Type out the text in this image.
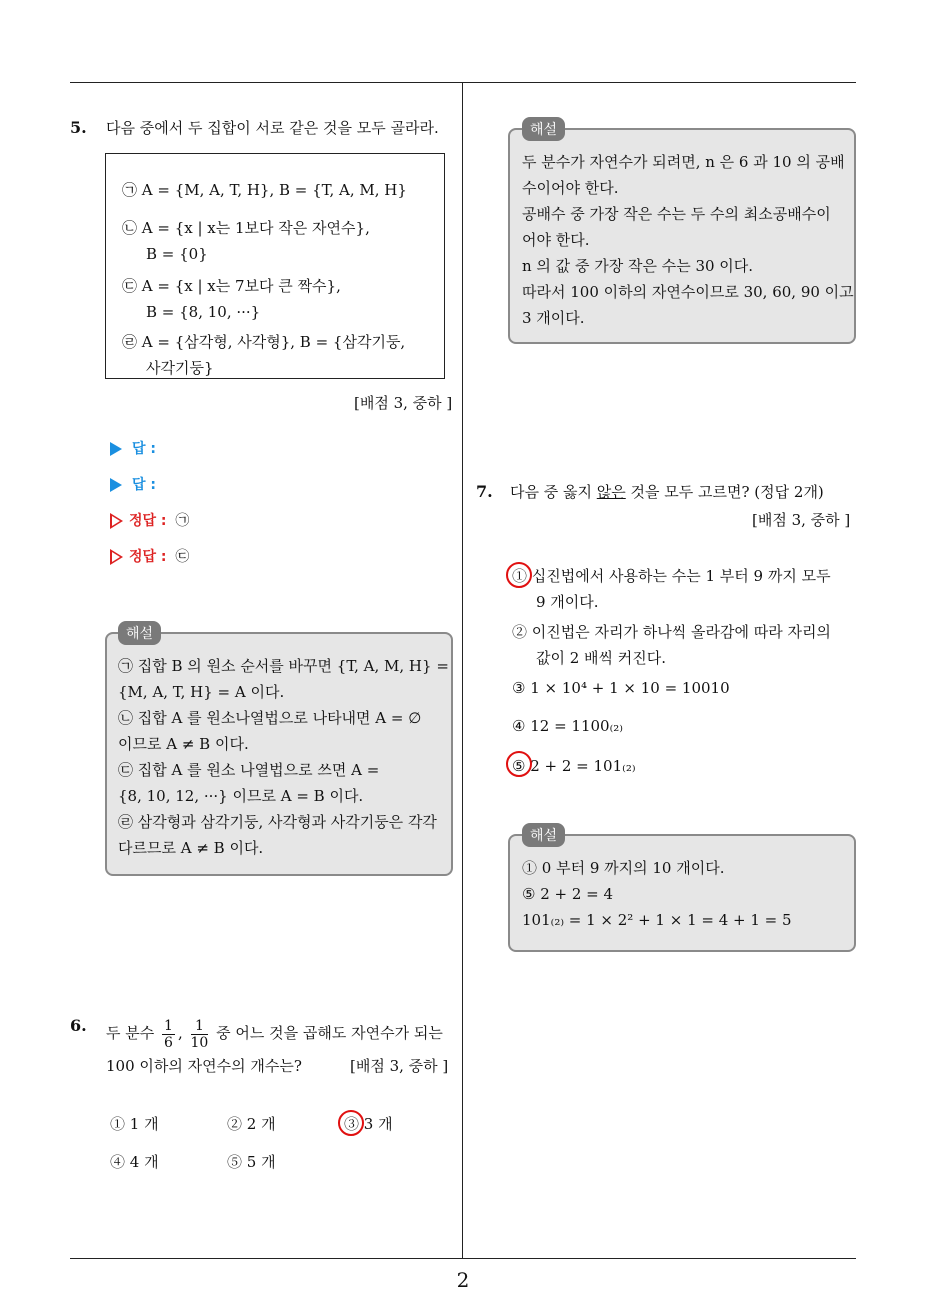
5. 다음 중에서 두 집합이 서로 같은 것을 모두 골라라.
㉠ A = {M, A, T, H}, B = {T, A, M, H}
㉡ A = {x | x는 1보다 작은 자연수},
B = {0}
㉢ A = {x | x는 7보다 큰 짝수},
B = {8, 10, ···}
㉣ A = {삼각형, 사각형}, B = {삼각기둥,
사각기둥}
[배점 3, 중하 ]
답 :
답 :
정답 : ㉠
정답 : ㉢
해설
㉠ 집합 B 의 원소 순서를 바꾸면 {T, A, M, H} =
{M, A, T, H} = A 이다.
㉡ 집합 A 를 원소나열법으로 나타내면 A = ∅
이므로 A ≠ B 이다.
㉢ 집합 A 를 원소 나열법으로 쓰면 A =
{8, 10, 12, ···} 이므로 A = B 이다.
㉣ 삼각형과 삼각기둥, 사각형과 사각기둥은 각각
다르므로 A ≠ B 이다.
6. 두 분수 $\frac{1}{6}$ , $\frac{1}{10}$ 중 어느 것을 곱해도 자연수가 되는
100 이하의 자연수의 개수는?	[배점 3, 중하 ]
① 1 개	② 2 개	③ 3 개
④ 4 개	⑤ 5 개
해설
두 분수가 자연수가 되려면, n 은 6 과 10 의 공배
수이어야 한다.
공배수 중 가장 작은 수는 두 수의 최소공배수이
어야 한다.
n 의 값 중 가장 작은 수는 30 이다.
따라서 100 이하의 자연수이므로 30, 60, 90 이고
3 개이다.
7. 다음 중 옳지 않은 것을 모두 고르면? (정답 2개)
[배점 3, 중하 ]
① 십진법에서 사용하는 수는 1 부터 9 까지 모두
9 개이다.
② 이진법은 자리가 하나씩 올라감에 따라 자리의
값이 2 배씩 커진다.
③ 1 × 10⁴ + 1 × 10 = 10010
④ 12 = 1100₍₂₎
⑤ 2 + 2 = 101₍₂₎
해설
① 0 부터 9 까지의 10 개이다.
⑤ 2 + 2 = 4
101₍₂₎ = 1 × 2² + 1 × 1 = 4 + 1 = 5
2
